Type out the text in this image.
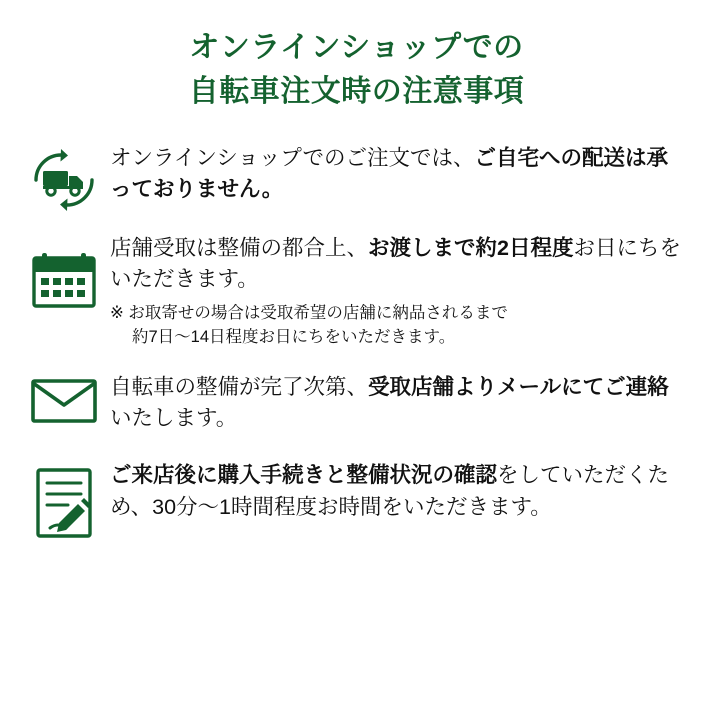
オンラインショップでの
自転車注文時の注意事項

オンラインショップでのご注文では、ご自宅への配送は承っておりません。

店舗受取は整備の都合上、お渡しまで約2日程度お日にちをいただきます。

※ お取寄せの場合は受取希望の店舗に納品されるまで
約7日〜14日程度お日にちをいただきます。

自転車の整備が完了次第、受取店舗よりメールにてご連絡いたします。

ご来店後に購入手続きと整備状況の確認をしていただくため、30分〜1時間程度お時間をいただきます。
